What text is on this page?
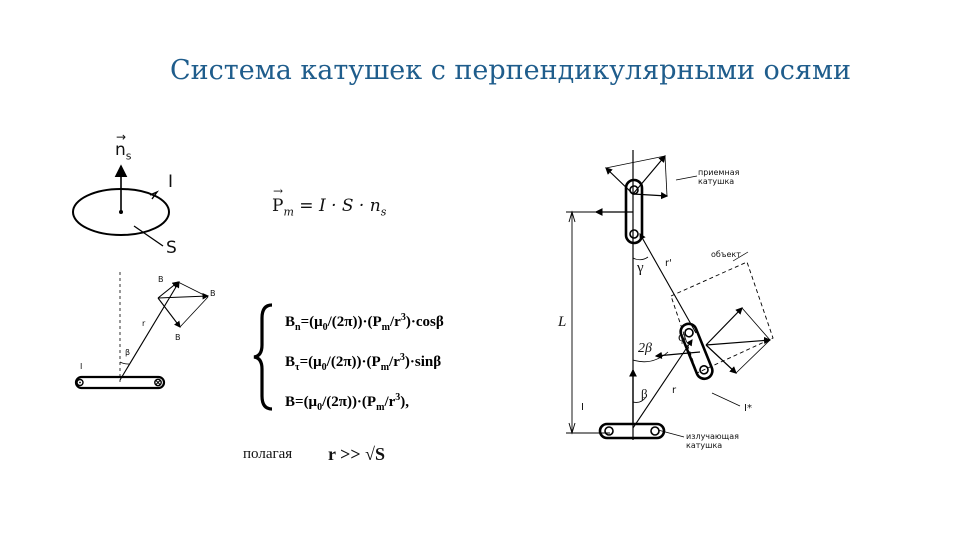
Система катушек с перпендикулярными осями
→
$n_s$
I
S
→
$P_m = I \cdot S \cdot n_s$
B
B
B
r
β
I
$B_n=(\mu_0/(2\pi))\cdot(P_m/r^3)\cdot\cos\beta$
$B_\tau=(\mu_0/(2\pi))\cdot(P_m/r^3)\cdot\sin\beta$
$B=(\mu_0/(2\pi))\cdot(P_m/r^3)$,
полагая r >> √S
приемная катушка
объект
излучающая катушка
L
γ
2β
β
φ
I	I*
r
r'
